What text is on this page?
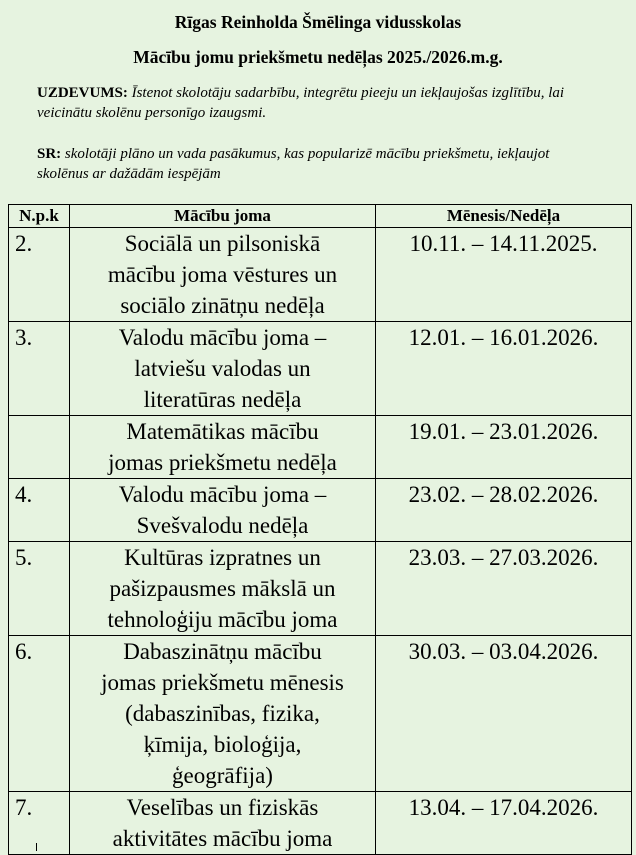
Rīgas Reinholda Šmēlinga vidusskolas
Mācību jomu priekšmetu nedēļas 2025./2026.m.g.
UZDEVUMS: Īstenot skolotāju sadarbību, integrētu pieeju un iekļaujošas izglītību, lai veicinātu skolēnu personīgo izaugsmi.
SR: skolotāji plāno un vada pasākumus, kas popularizē mācību priekšmetu, iekļaujot skolēnus ar dažādām iespējām
N.p.k	Mācību joma	Mēnesis/Nedēļa
2.	Sociālā un pilsoniskā
mācību joma vēstures un
sociālo zinātņu nedēļa	10.11. – 14.11.2025.
3.	Valodu mācību joma –
latviešu valodas un
literatūras nedēļa	12.01. – 16.01.2026.

	Matemātikas mācību
jomas priekšmetu nedēļa	19.01. – 23.01.2026.
4.	Valodu mācību joma –
Svešvalodu nedēļa	23.02. – 28.02.2026.
5.	Kultūras izpratnes un
pašizpausmes mākslā un
tehnoloģiju mācību joma	23.03. – 27.03.2026.
6.	Dabaszinātņu mācību
jomas priekšmetu mēnesis
(dabaszinības, fizika,
ķīmija, bioloģija,
ģeogrāfija)	30.03. – 03.04.2026.
7.	Veselības un fiziskās
aktivitātes mācību joma	13.04. – 17.04.2026.
